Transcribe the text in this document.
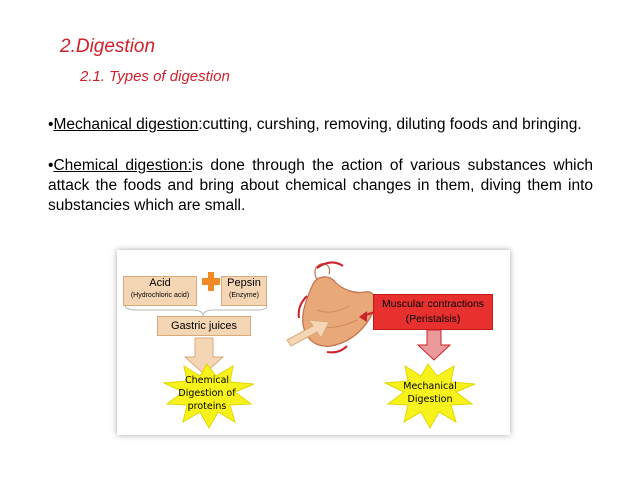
2.Digestion
2.1. Types of digestion
•Mechanical digestion:cutting, curshing, removing, diluting foods and bringing.
•Chemical digestion:is done through the action of various substances which attack the foods and bring about chemical changes in them, diving them into substancies which are small.
Acid
(Hydrochloric acid)
Pepsin
(Enzyme)
Gastric juices
Muscular contractions
(Peristalsis)
Chemical
Digestion of
proteins
Mechanical
Digestion
